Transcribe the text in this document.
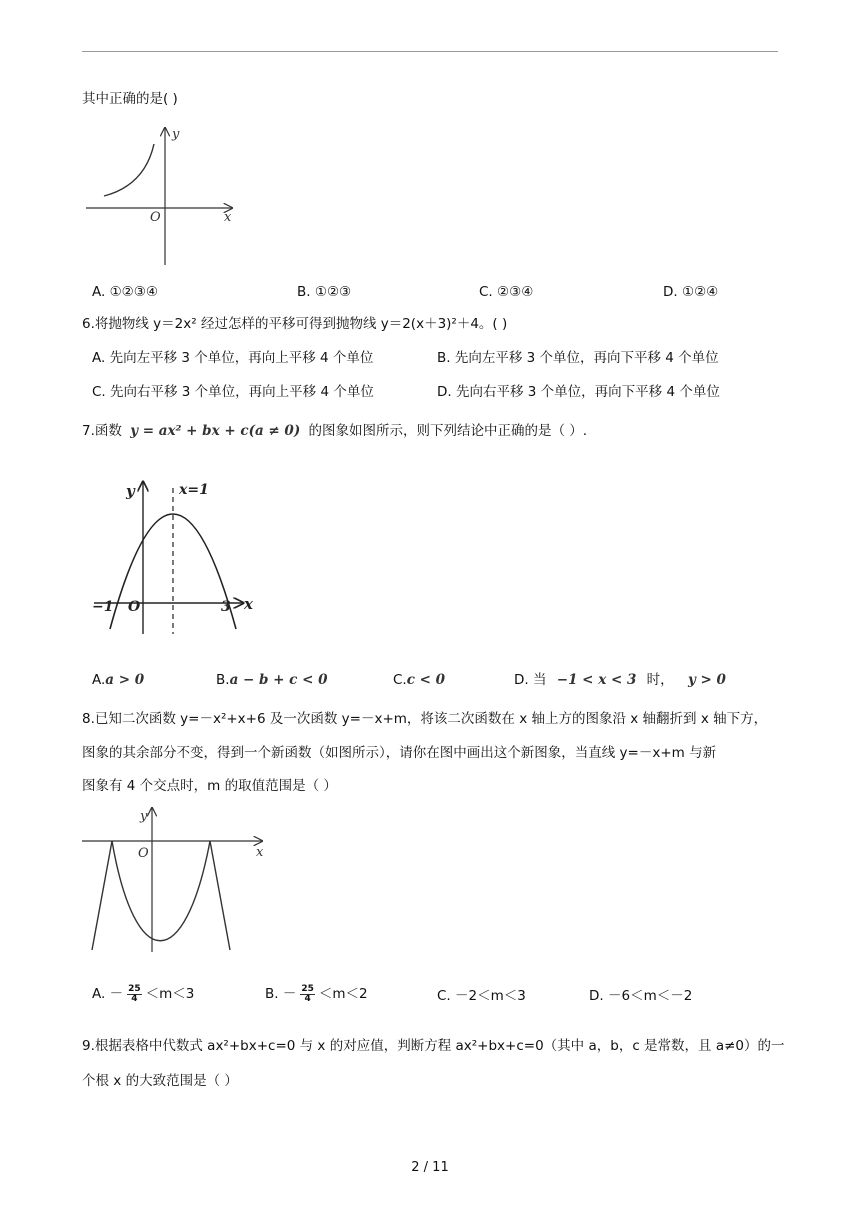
其中正确的是( )
y
x
O
A. ①②③④	B. ①②③	C. ②③④	D. ①②④
6.将抛物线 y＝2x² 经过怎样的平移可得到抛物线 y＝2(x＋3)²＋4。( )
A. 先向左平移 3 个单位，再向上平移 4 个单位	B. 先向左平移 3 个单位，再向下平移 4 个单位
C. 先向右平移 3 个单位，再向上平移 4 个单位	D. 先向右平移 3 个单位，再向下平移 4 个单位
7.函数 y = ax² + bx + c(a ≠ 0) 的图象如图所示，则下列结论中正确的是（ ）.
y	x=1
−1 O	3 x
A.a > 0	B.a − b + c < 0	C.c < 0	D. 当 −1 < x < 3 时， y > 0
8.已知二次函数 y=－x²+x+6 及一次函数 y=－x+m，将该二次函数在 x 轴上方的图象沿 x 轴翻折到 x 轴下方，
图象的其余部分不变，得到一个新函数（如图所示），请你在图中画出这个新图象，当直线 y=－x+m 与新
图象有 4 个交点时，m 的取值范围是（ ）
y
x
O
A. － $\frac{25}{4} <m<3$	B. － $\frac{25}{4} <m<2$	C. －2＜m＜3	D. －6＜m＜－2
9.根据表格中代数式 ax²+bx+c=0 与 x 的对应值，判断方程 ax²+bx+c=0（其中 a，b，c 是常数，且 a≠0）的一
个根 x 的大致范围是（ ）
2 / 11
